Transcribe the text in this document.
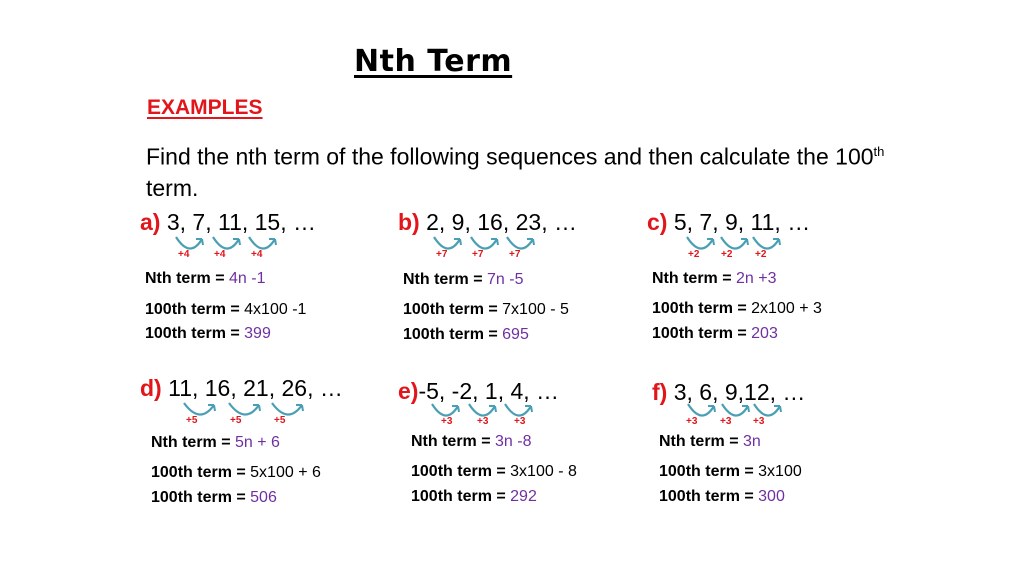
Nth Term
EXAMPLES
Find the nth term of the following sequences and then calculate the 100th term.
a) 3, 7, 11, 15, …
+4 +4	+4
Nth term = 4n -1
100th term = 4x100 -1
100th term = 399
b) 2, 9, 16, 23, …
+7 +7	+7
Nth term = 7n -5
100th term = 7x100 - 5
100th term = 695
c) 5, 7, 9, 11, …
+2 +2 +2
Nth term = 2n +3
100th term = 2x100 + 3
100th term = 203
d) 11, 16, 21, 26, …
+5	+5	+5
Nth term = 5n + 6
100th term = 5x100 + 6
100th term = 506
e)-5, -2, 1, 4, …
+3 +3	+3
Nth term = 3n -8
100th term = 3x100 - 8
100th term = 292
f) 3, 6, 9,12, …
+3 +3 +3
Nth term = 3n
100th term = 3x100
100th term = 300
